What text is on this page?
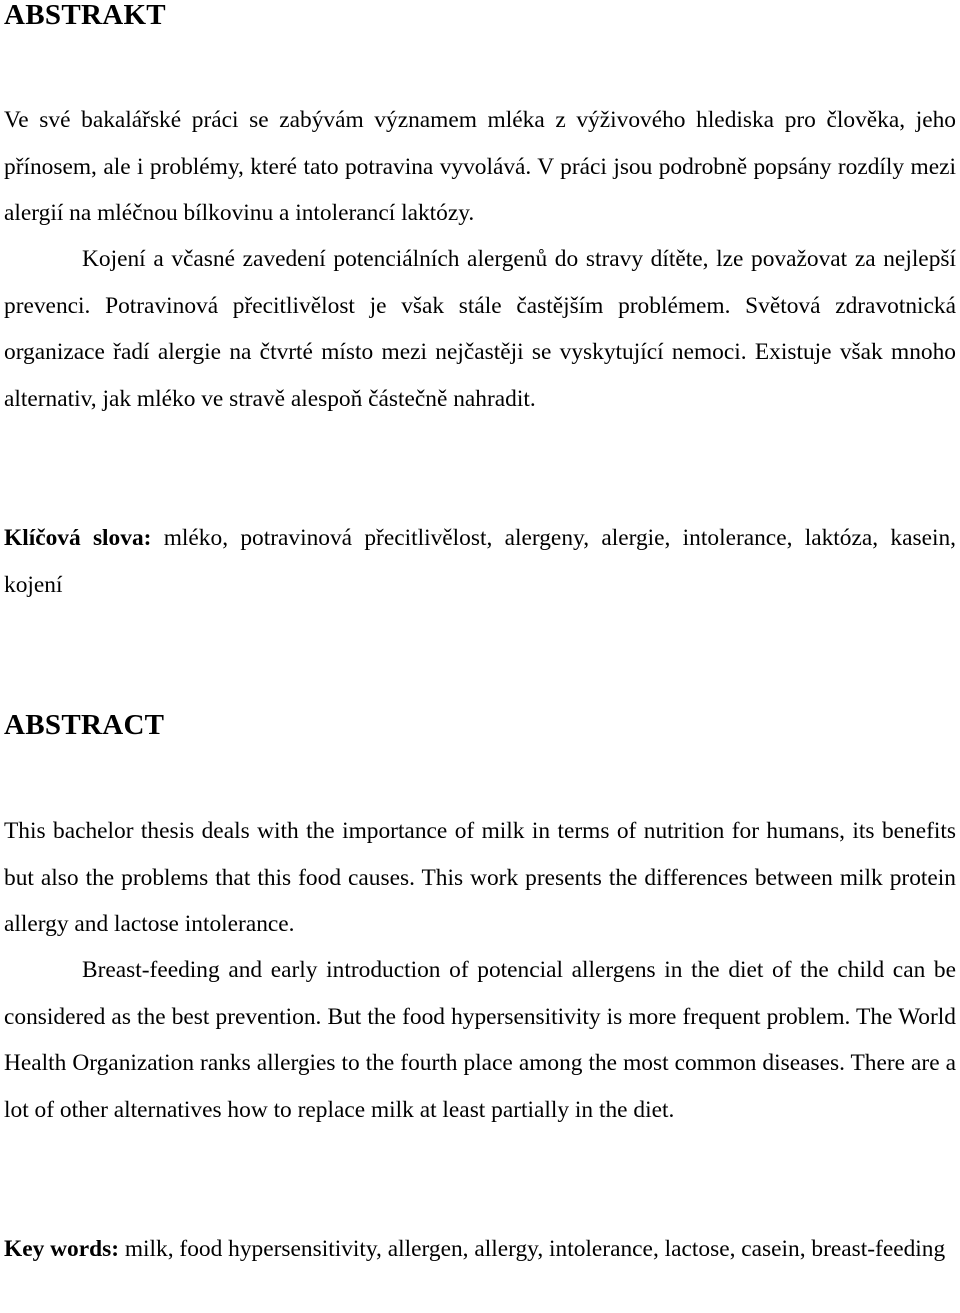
ABSTRAKT

Ve své bakalářské práci se zabývám významem mléka z výživového hlediska pro člověka, jeho přínosem, ale i problémy, které tato potravina vyvolává. V práci jsou podrobně popsány rozdíly mezi alergií na mléčnou bílkovinu a intolerancí laktózy.

Kojení a včasné zavedení potenciálních alergenů do stravy dítěte, lze považovat za nejlepší prevenci. Potravinová přecitlivělost je však stále častějším problémem. Světová zdravotnická organizace řadí alergie na čtvrté místo mezi nejčastěji se vyskytující nemoci. Existuje však mnoho alternativ, jak mléko ve stravě alespoň částečně nahradit.

Klíčová slova: mléko, potravinová přecitlivělost, alergeny, alergie, intolerance, laktóza, kasein, kojení

ABSTRACT

This bachelor thesis deals with the importance of milk in terms of nutrition for humans, its benefits but also the problems that this food causes. This work presents the differences between milk protein allergy and lactose intolerance.

Breast-feeding and early introduction of potencial allergens in the diet of the child can be considered as the best prevention. But the food hypersensitivity is more frequent problem. The World Health Organization ranks allergies to the fourth place among the most common diseases. There are a lot of other alternatives how to replace milk at least partially in the diet.

Key words: milk, food hypersensitivity, allergen, allergy, intolerance, lactose, casein, breast-feeding
